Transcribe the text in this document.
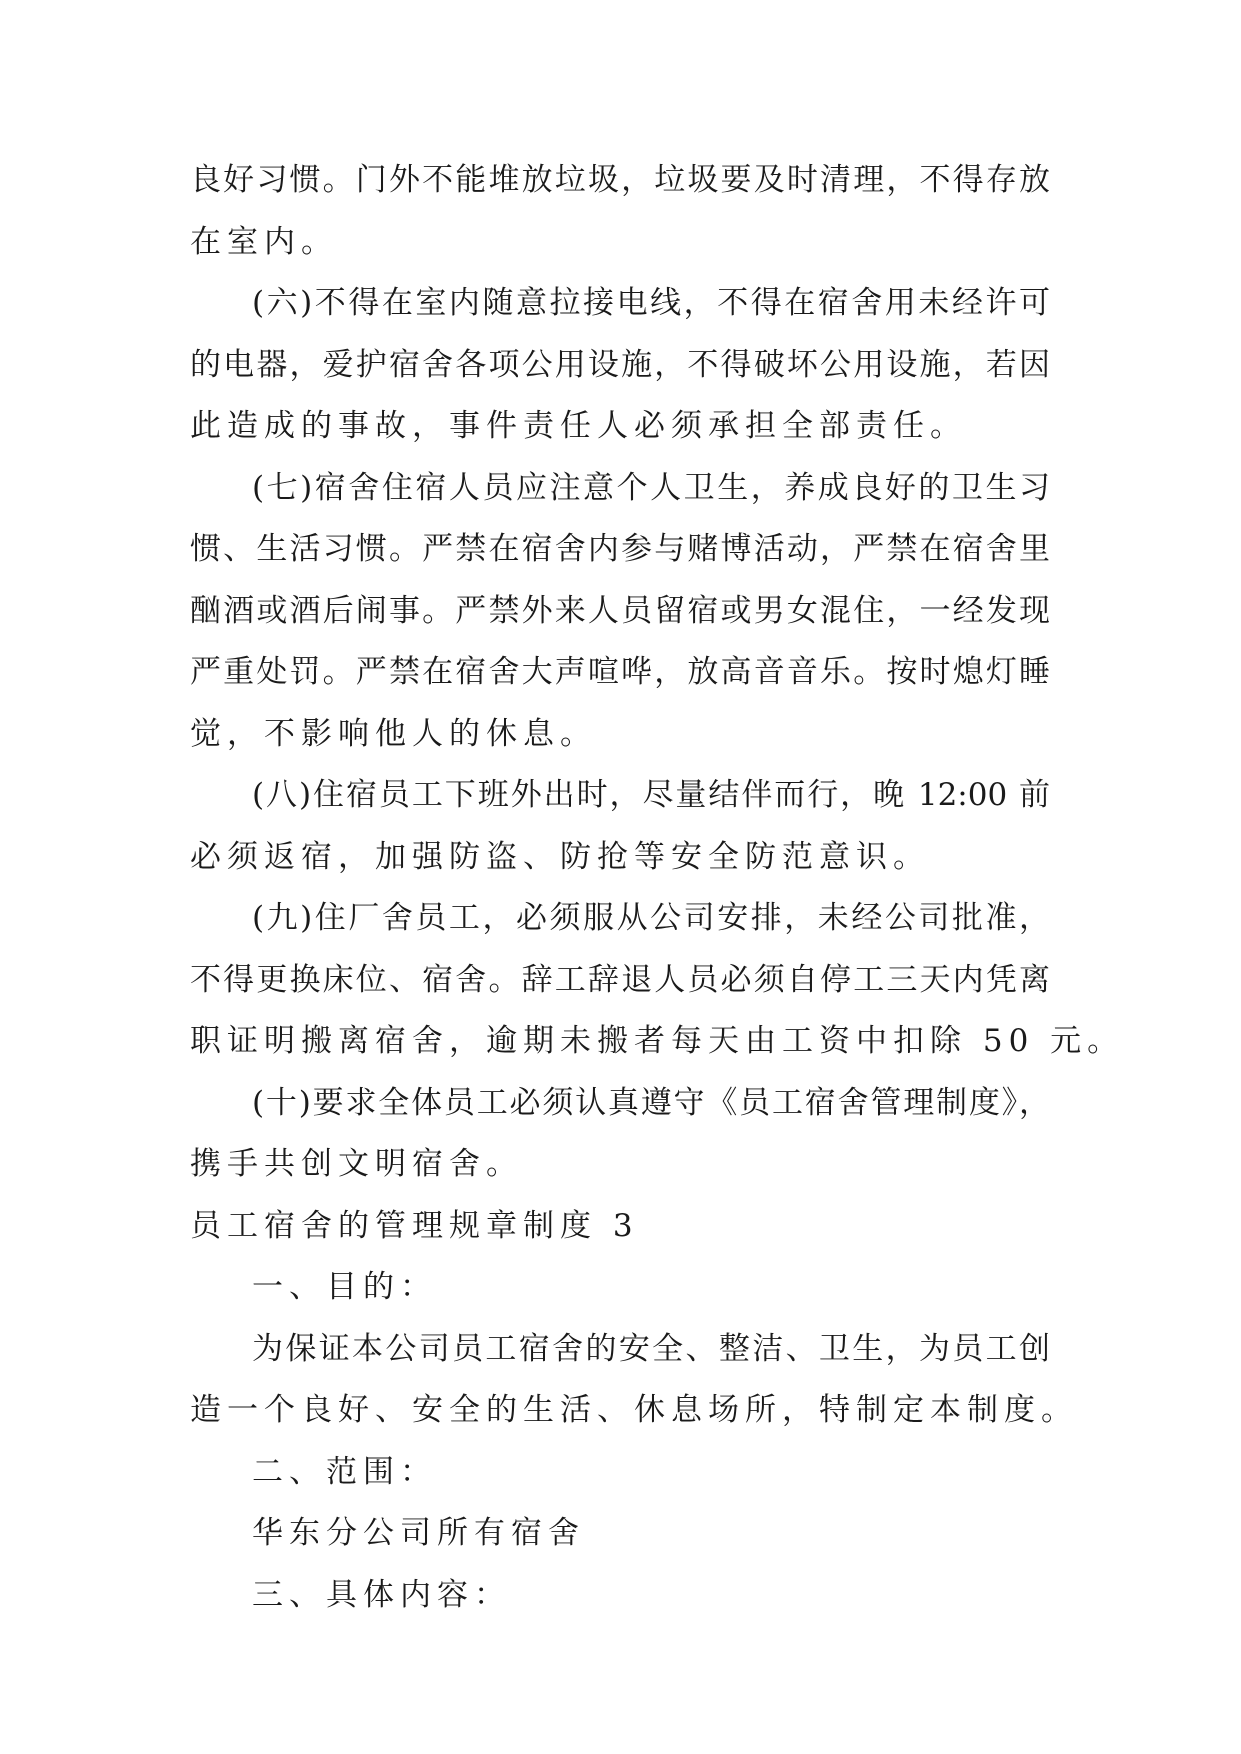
良好习惯。门外不能堆放垃圾，垃圾要及时清理，不得存放
在室内。
(六)不得在室内随意拉接电线，不得在宿舍用未经许可
的电器，爱护宿舍各项公用设施，不得破坏公用设施，若因
此造成的事故，事件责任人必须承担全部责任。
(七)宿舍住宿人员应注意个人卫生，养成良好的卫生习
惯、生活习惯。严禁在宿舍内参与赌博活动，严禁在宿舍里
酗酒或酒后闹事。严禁外来人员留宿或男女混住，一经发现
严重处罚。严禁在宿舍大声喧哗，放高音音乐。按时熄灯睡
觉，不影响他人的休息。
(八)住宿员工下班外出时，尽量结伴而行，晚 12:00 前
必须返宿，加强防盗、防抢等安全防范意识。
(九)住厂舍员工，必须服从公司安排，未经公司批准，
不得更换床位、宿舍。辞工辞退人员必须自停工三天内凭离
职证明搬离宿舍，逾期未搬者每天由工资中扣除 50 元。
(十)要求全体员工必须认真遵守《员工宿舍管理制度》，
携手共创文明宿舍。
员工宿舍的管理规章制度 3
一、目的：
为保证本公司员工宿舍的安全、整洁、卫生，为员工创
造一个良好、安全的生活、休息场所，特制定本制度。
二、范围：
华东分公司所有宿舍
三、具体内容：
